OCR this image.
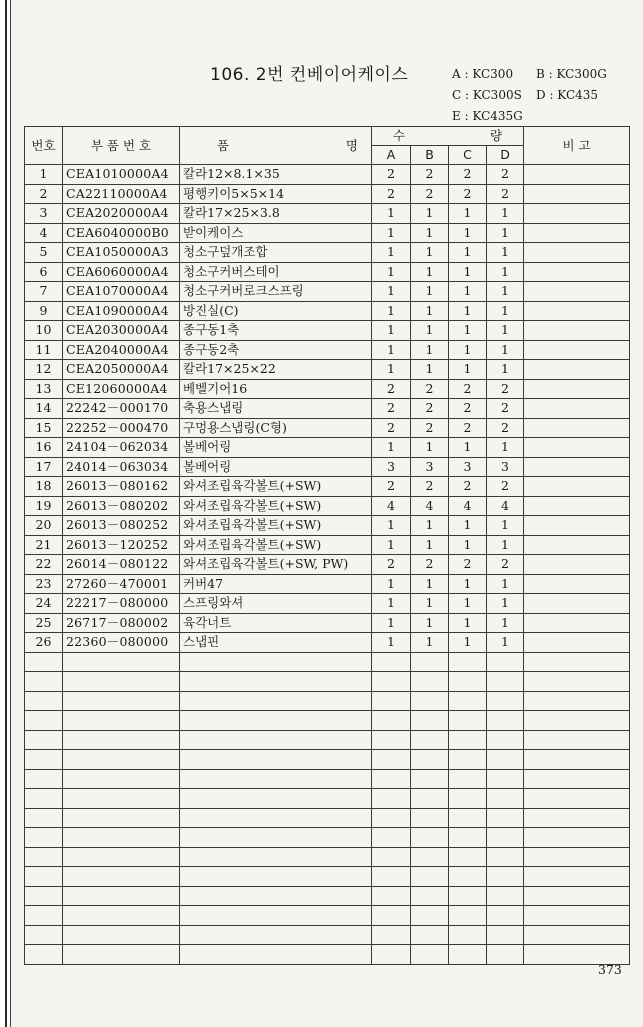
106. 2번 컨베이어케이스	A : KC300 B : KC300G
C : KC300S D : KC435
E : KC435G
번호	부 품 번 호	품 명	수 량				비 고
			A	B	C	D	
1	CEA1010000A4	칼라12×8.1×35	2	2	2	2	
2	CA22110000A4	평행키이5×5×14	2	2	2	2	
3	CEA2020000A4	칼라17×25×3.8	1	1	1	1	
4	CEA6040000B0	받이케이스	1	1	1	1	
5	CEA1050000A3	청소구덮개조합	1	1	1	1	
6	CEA6060000A4	청소구커버스테이	1	1	1	1	
7	CEA1070000A4	청소구커버로크스프링	1	1	1	1	
9	CEA1090000A4	방진실(C)	1	1	1	1	
10	CEA2030000A4	종구동1축	1	1	1	1	
11	CEA2040000A4	종구동2축	1	1	1	1	
12	CEA2050000A4	칼라17×25×22	1	1	1	1	
13	CE12060000A4	베벨기어16	2	2	2	2	
14	22242－000170	축용스냅링	2	2	2	2	
15	22252－000470	구멍용스냅링(C형)	2	2	2	2	
16	24104－062034	볼베어링	1	1	1	1	
17	24014－063034	볼베어링	3	3	3	3	
18	26013－080162	와셔조립육각볼트(+SW)	2	2	2	2	
19	26013－080202	와셔조립육각볼트(+SW)	4	4	4	4	
20	26013－080252	와셔조립육각볼트(+SW)	1	1	1	1	
21	26013－120252	와셔조립육각볼트(+SW)	1	1	1	1	
22	26014－080122	와셔조립육각볼트(+SW, PW)	2	2	2	2	
23	27260－470001	커버47	1	1	1	1	
24	22217－080000	스프링와셔	1	1	1	1	
25	26717－080002	육각너트	1	1	1	1	
26	22360－080000	스냅핀	1	1	1	1	

373
